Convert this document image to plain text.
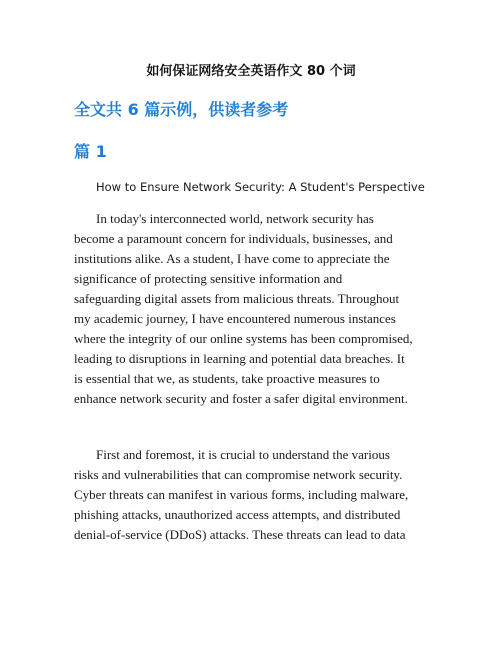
如何保证网络安全英语作文 80 个词
全文共 6 篇示例，供读者参考
篇 1
How to Ensure Network Security: A Student's Perspective
In today's interconnected world, network security has
become a paramount concern for individuals, businesses, and
institutions alike. As a student, I have come to appreciate the
significance of protecting sensitive information and
safeguarding digital assets from malicious threats. Throughout
my academic journey, I have encountered numerous instances
where the integrity of our online systems has been compromised,
leading to disruptions in learning and potential data breaches. It
is essential that we, as students, take proactive measures to
enhance network security and foster a safer digital environment.
First and foremost, it is crucial to understand the various
risks and vulnerabilities that can compromise network security.
Cyber threats can manifest in various forms, including malware,
phishing attacks, unauthorized access attempts, and distributed
denial-of-service (DDoS) attacks. These threats can lead to data
